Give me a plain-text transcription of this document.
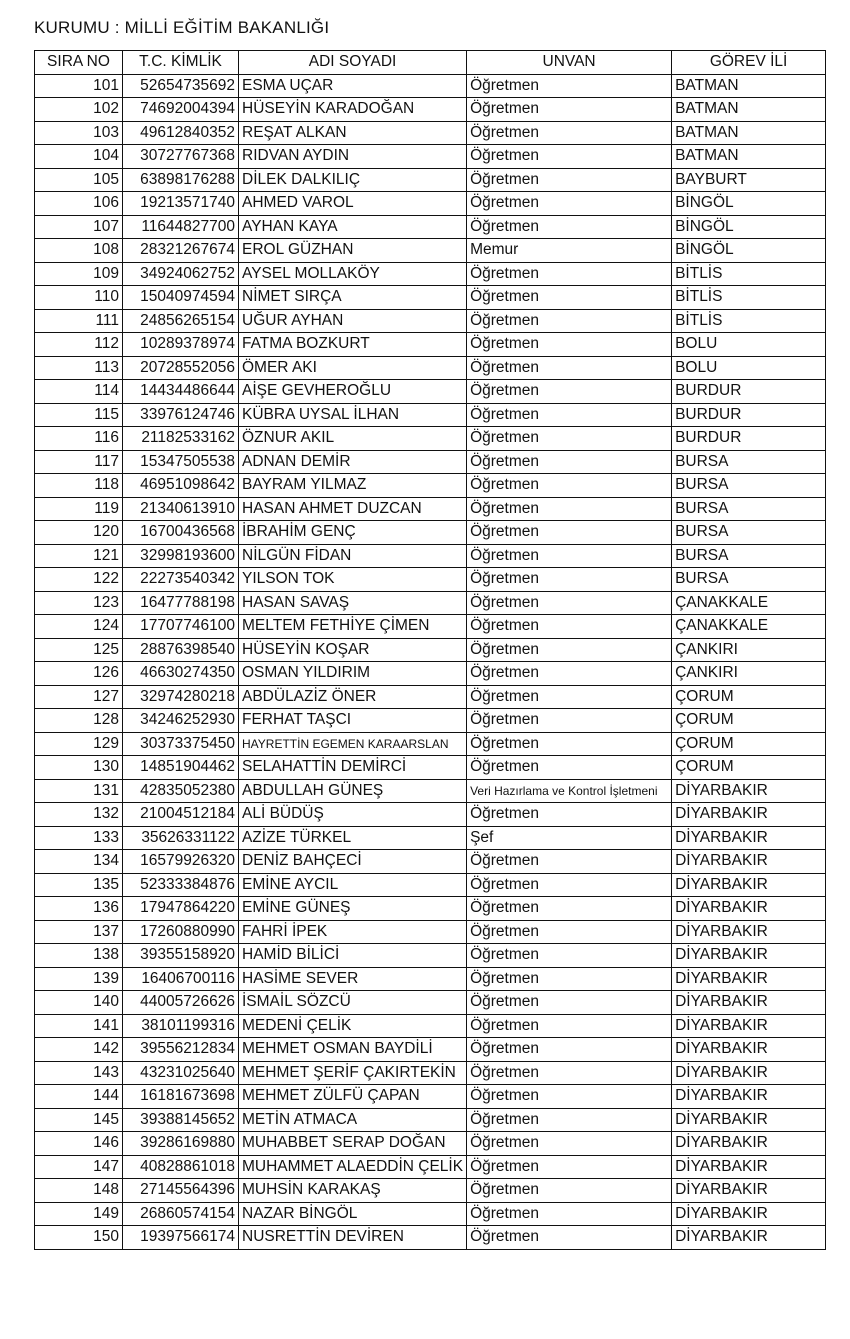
KURUMU : MİLLİ EĞİTİM BAKANLIĞI
SIRA NO	T.C. KİMLİK	ADI SOYADI	UNVAN	GÖREV İLİ
101	52654735692	ESMA UÇAR	Öğretmen	BATMAN
102	74692004394	HÜSEYİN KARADOĞAN	Öğretmen	BATMAN
103	49612840352	REŞAT ALKAN	Öğretmen	BATMAN
104	30727767368	RIDVAN AYDIN	Öğretmen	BATMAN
105	63898176288	DİLEK DALKILIÇ	Öğretmen	BAYBURT
106	19213571740	AHMED VAROL	Öğretmen	BİNGÖL
107	11644827700	AYHAN KAYA	Öğretmen	BİNGÖL
108	28321267674	EROL GÜZHAN	Memur	BİNGÖL
109	34924062752	AYSEL MOLLAKÖY	Öğretmen	BİTLİS
110	15040974594	NİMET SIRÇA	Öğretmen	BİTLİS
111	24856265154	UĞUR AYHAN	Öğretmen	BİTLİS
112	10289378974	FATMA BOZKURT	Öğretmen	BOLU
113	20728552056	ÖMER AKI	Öğretmen	BOLU
114	14434486644	AİŞE GEVHEROĞLU	Öğretmen	BURDUR
115	33976124746	KÜBRA UYSAL İLHAN	Öğretmen	BURDUR
116	21182533162	ÖZNUR AKIL	Öğretmen	BURDUR
117	15347505538	ADNAN DEMİR	Öğretmen	BURSA
118	46951098642	BAYRAM YILMAZ	Öğretmen	BURSA
119	21340613910	HASAN AHMET DUZCAN	Öğretmen	BURSA
120	16700436568	İBRAHİM GENÇ	Öğretmen	BURSA
121	32998193600	NİLGÜN FİDAN	Öğretmen	BURSA
122	22273540342	YILSON TOK	Öğretmen	BURSA
123	16477788198	HASAN SAVAŞ	Öğretmen	ÇANAKKALE
124	17707746100	MELTEM FETHİYE ÇİMEN	Öğretmen	ÇANAKKALE
125	28876398540	HÜSEYİN KOŞAR	Öğretmen	ÇANKIRI
126	46630274350	OSMAN YILDIRIM	Öğretmen	ÇANKIRI
127	32974280218	ABDÜLAZİZ ÖNER	Öğretmen	ÇORUM
128	34246252930	FERHAT TAŞCI	Öğretmen	ÇORUM
129	30373375450	HAYRETTİN EGEMEN KARAARSLAN	Öğretmen	ÇORUM
130	14851904462	SELAHATTİN DEMİRCİ	Öğretmen	ÇORUM
131	42835052380	ABDULLAH GÜNEŞ	Veri Hazırlama ve Kontrol İşletmeni	DİYARBAKIR
132	21004512184	ALİ BÜDÜŞ	Öğretmen	DİYARBAKIR
133	35626331122	AZİZE TÜRKEL	Şef	DİYARBAKIR
134	16579926320	DENİZ BAHÇECİ	Öğretmen	DİYARBAKIR
135	52333384876	EMİNE AYCIL	Öğretmen	DİYARBAKIR
136	17947864220	EMİNE GÜNEŞ	Öğretmen	DİYARBAKIR
137	17260880990	FAHRİ İPEK	Öğretmen	DİYARBAKIR
138	39355158920	HAMİD BİLİCİ	Öğretmen	DİYARBAKIR
139	16406700116	HASİME SEVER	Öğretmen	DİYARBAKIR
140	44005726626	İSMAİL SÖZCÜ	Öğretmen	DİYARBAKIR
141	38101199316	MEDENİ ÇELİK	Öğretmen	DİYARBAKIR
142	39556212834	MEHMET OSMAN BAYDİLİ	Öğretmen	DİYARBAKIR
143	43231025640	MEHMET ŞERİF ÇAKIRTEKİN	Öğretmen	DİYARBAKIR
144	16181673698	MEHMET ZÜLFÜ ÇAPAN	Öğretmen	DİYARBAKIR
145	39388145652	METİN ATMACA	Öğretmen	DİYARBAKIR
146	39286169880	MUHABBET SERAP DOĞAN	Öğretmen	DİYARBAKIR
147	40828861018	MUHAMMET ALAEDDİN ÇELİK	Öğretmen	DİYARBAKIR
148	27145564396	MUHSİN KARAKAŞ	Öğretmen	DİYARBAKIR
149	26860574154	NAZAR BİNGÖL	Öğretmen	DİYARBAKIR
150	19397566174	NUSRETTİN DEVİREN	Öğretmen	DİYARBAKIR
